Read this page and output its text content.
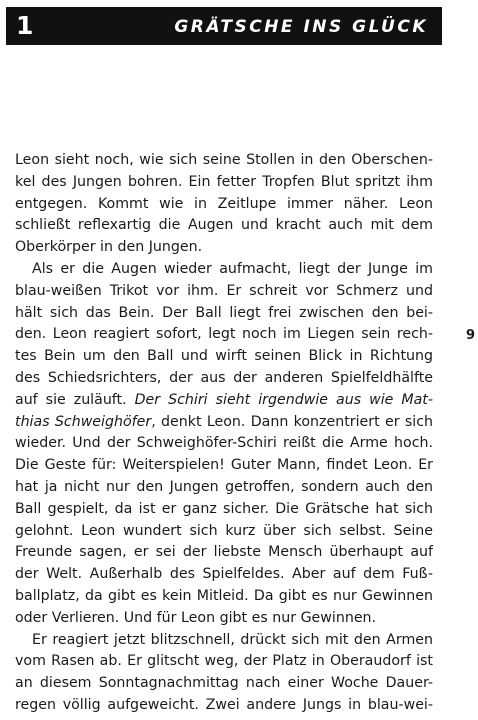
1	GRÄTSCHE INS GLÜCK
9
Leon sieht noch, wie sich seine Stollen in den Oberschen-
kel des Jungen bohren. Ein fetter Tropfen Blut spritzt ihm
entgegen. Kommt wie in Zeitlupe immer näher. Leon
schließt reflexartig die Augen und kracht auch mit dem
Oberkörper in den Jungen.
Als er die Augen wieder aufmacht, liegt der Junge im
blau-weißen Trikot vor ihm. Er schreit vor Schmerz und
hält sich das Bein. Der Ball liegt frei zwischen den bei-
den. Leon reagiert sofort, legt noch im Liegen sein rech-
tes Bein um den Ball und wirft seinen Blick in Richtung
des Schiedsrichters, der aus der anderen Spielfeldhälfte
auf sie zuläuft. Der Schiri sieht irgendwie aus wie Mat-
thias Schweighöfer, denkt Leon. Dann konzentriert er sich
wieder. Und der Schweighöfer-Schiri reißt die Arme hoch.
Die Geste für: Weiterspielen! Guter Mann, findet Leon. Er
hat ja nicht nur den Jungen getroffen, sondern auch den
Ball gespielt, da ist er ganz sicher. Die Grätsche hat sich
gelohnt. Leon wundert sich kurz über sich selbst. Seine
Freunde sagen, er sei der liebste Mensch überhaupt auf
der Welt. Außerhalb des Spielfeldes. Aber auf dem Fuß-
ballplatz, da gibt es kein Mitleid. Da gibt es nur Gewinnen
oder Verlieren. Und für Leon gibt es nur Gewinnen.
Er reagiert jetzt blitzschnell, drückt sich mit den Armen
vom Rasen ab. Er glitscht weg, der Platz in Oberaudorf ist
an diesem Sonntagnachmittag nach einer Woche Dauer-
regen völlig aufgeweicht. Zwei andere Jungs in blau-wei-
